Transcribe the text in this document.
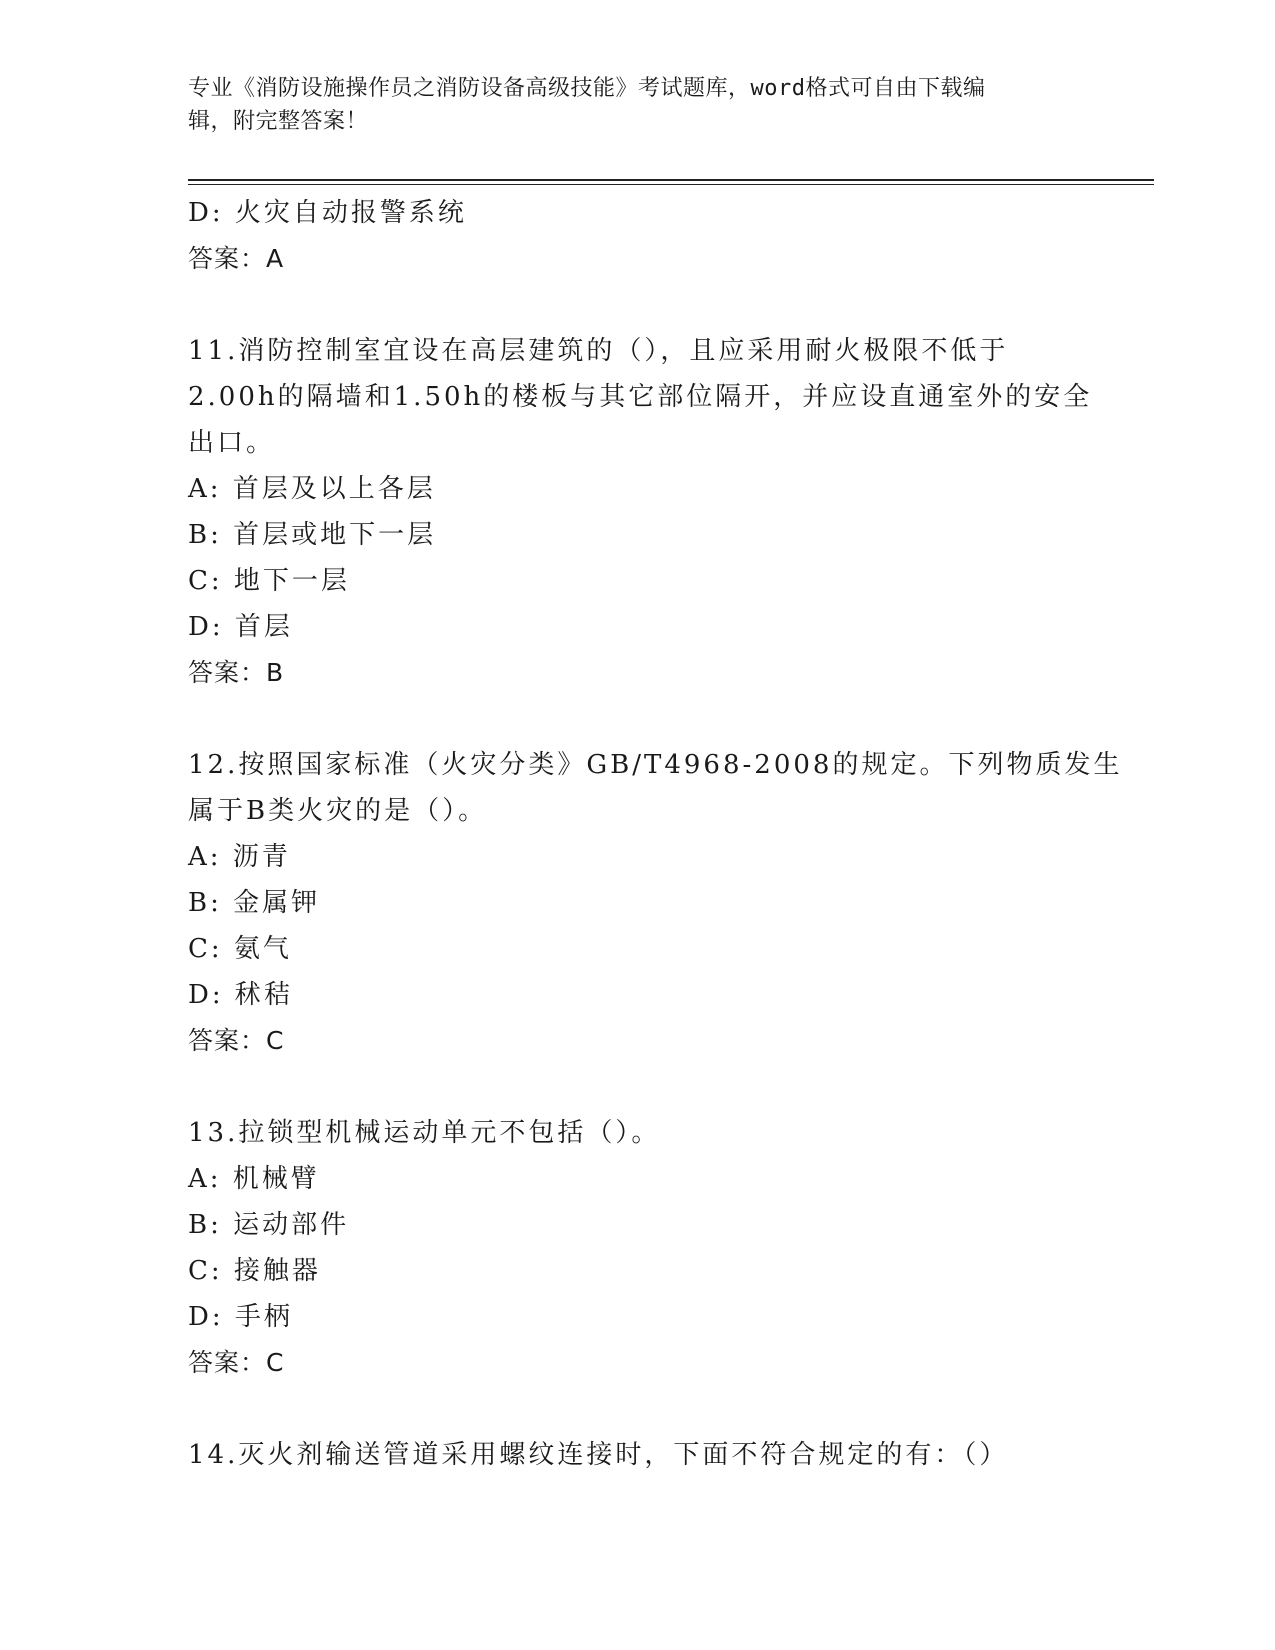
专业《消防设施操作员之消防设备高级技能》考试题库，word格式可自由下载编
辑，附完整答案！
D: 火灾自动报警系统
答案：A
11.消防控制室宜设在高层建筑的（），且应采用耐火极限不低于
2.00h的隔墙和1.50h的楼板与其它部位隔开，并应设直通室外的安全
出口。
A: 首层及以上各层
B: 首层或地下一层
C: 地下一层
D: 首层
答案：B
12.按照国家标准（火灾分类》GB/T4968-2008的规定。下列物质发生
属于B类火灾的是（）。
A: 沥青
B: 金属钾
C: 氨气
D: 秫秸
答案：C
13.拉锁型机械运动单元不包括（）。
A: 机械臂
B: 运动部件
C: 接触器
D: 手柄
答案：C
14.灭火剂输送管道采用螺纹连接时，下面不符合规定的有：（）
